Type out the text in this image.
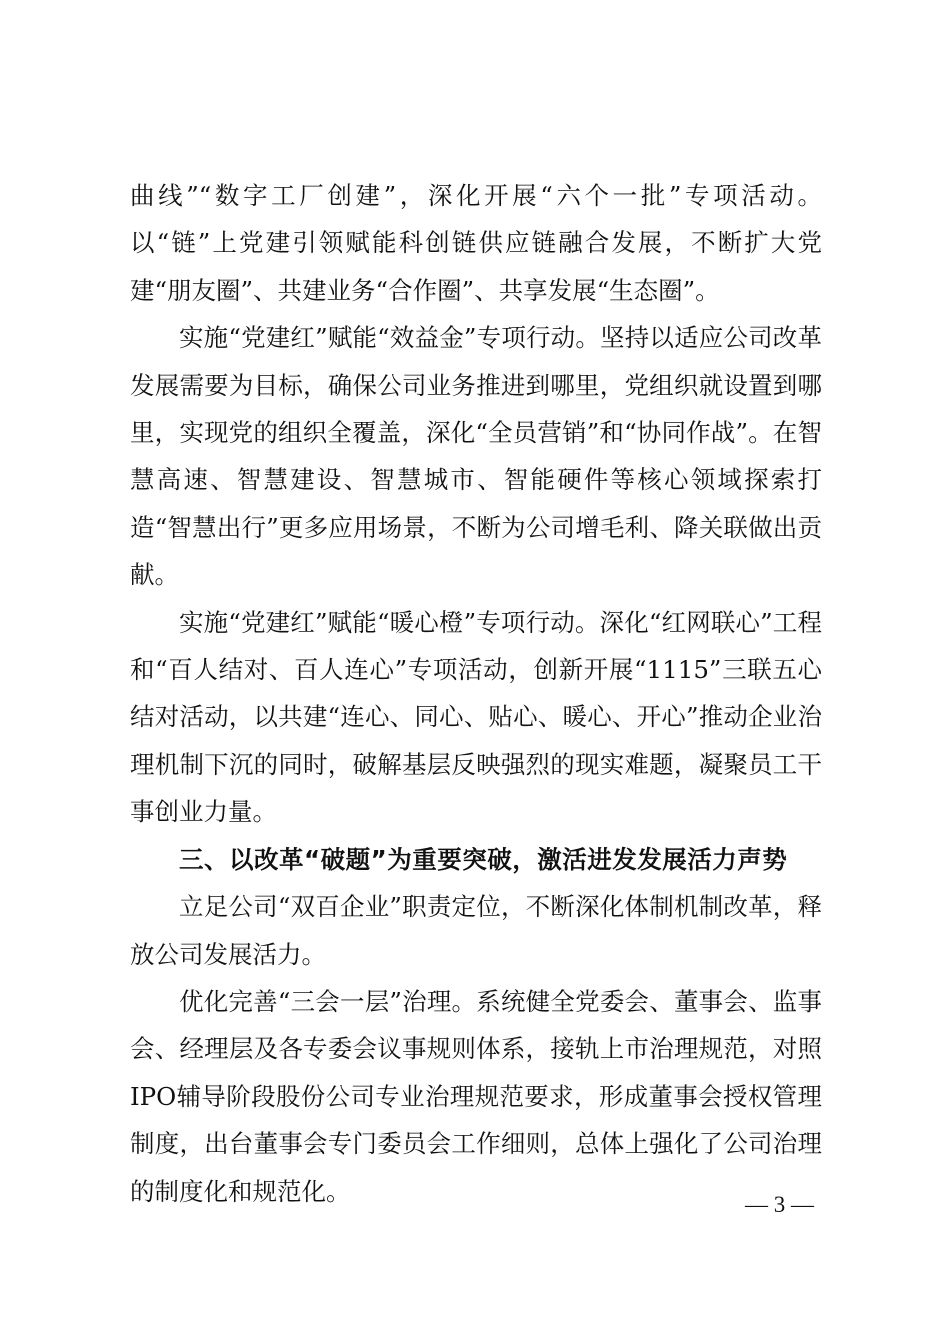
曲线”“数字工厂创建”，深化开展“六个一批”专项活动。以“链”上党建引领赋能科创链供应链融合发展，不断扩大党建“朋友圈”、共建业务“合作圈”、共享发展“生态圈”。

实施“党建红”赋能“效益金”专项行动。坚持以适应公司改革发展需要为目标，确保公司业务推进到哪里，党组织就设置到哪里，实现党的组织全覆盖，深化“全员营销”和“协同作战”。在智慧高速、智慧建设、智慧城市、智能硬件等核心领域探索打造“智慧出行”更多应用场景，不断为公司增毛利、降关联做出贡献。

实施“党建红”赋能“暖心橙”专项行动。深化“红网联心”工程和“百人结对、百人连心”专项活动，创新开展“1115”三联五心结对活动，以共建“连心、同心、贴心、暖心、开心”推动企业治理机制下沉的同时，破解基层反映强烈的现实难题，凝聚员工干事创业力量。

三、以改革“破题”为重要突破，激活进发发展活力声势

立足公司“双百企业”职责定位，不断深化体制机制改革，释放公司发展活力。

优化完善“三会一层”治理。系统健全党委会、董事会、监事会、经理层及各专委会议事规则体系，接轨上市治理规范，对照IPO辅导阶段股份公司专业治理规范要求，形成董事会授权管理制度，出台董事会专门委员会工作细则，总体上强化了公司治理的制度化和规范化。	— 3 —
